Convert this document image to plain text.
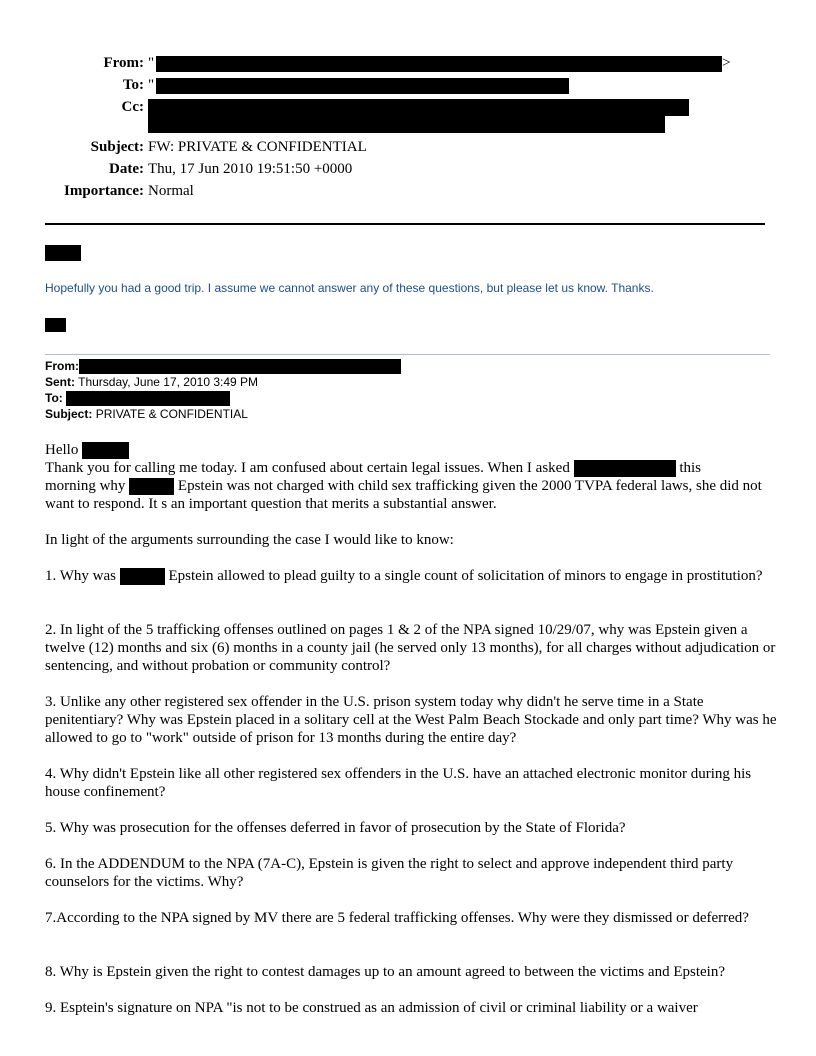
From: "	>
To: "
Cc:
Subject: FW: PRIVATE & CONFIDENTIAL
Date: Thu, 17 Jun 2010 19:51:50 +0000
Importance: Normal
Hopefully you had a good trip. I assume we cannot answer any of these questions, but please let us know. Thanks.
From:
Sent: Thursday, June 17, 2010 3:49 PM
To:
Subject: PRIVATE & CONFIDENTIAL
Hello

Thank you for calling me today. I am confused about certain legal issues. When I asked	this

morning why	Epstein was not charged with child sex trafficking given the 2000 TVPA federal laws, she did not want to respond. It s an important question that merits a substantial answer.

In light of the arguments surrounding the case I would like to know:
1. Why was	Epstein allowed to plead guilty to a single count of solicitation of minors to engage in prostitution?
2. In light of the 5 trafficking offenses outlined on pages 1 & 2 of the NPA signed 10/29/07, why was Epstein given a twelve (12) months and six (6) months in a county jail (he served only 13 months), for all charges without adjudication or sentencing, and without probation or community control?
3. Unlike any other registered sex offender in the U.S. prison system today why didn't he serve time in a State penitentiary? Why was Epstein placed in a solitary cell at the West Palm Beach Stockade and only part time? Why was he allowed to go to "work" outside of prison for 13 months during the entire day?
4. Why didn't Epstein like all other registered sex offenders in the U.S. have an attached electronic monitor during his house confinement?
5. Why was prosecution for the offenses deferred in favor of prosecution by the State of Florida?
6. In the ADDENDUM to the NPA (7A-C), Epstein is given the right to select and approve independent third party counselors for the victims. Why?
7.According to the NPA signed by MV there are 5 federal trafficking offenses. Why were they dismissed or deferred?
8. Why is Epstein given the right to contest damages up to an amount agreed to between the victims and Epstein?
9. Esptein's signature on NPA "is not to be construed as an admission of civil or criminal liability or a waiver
